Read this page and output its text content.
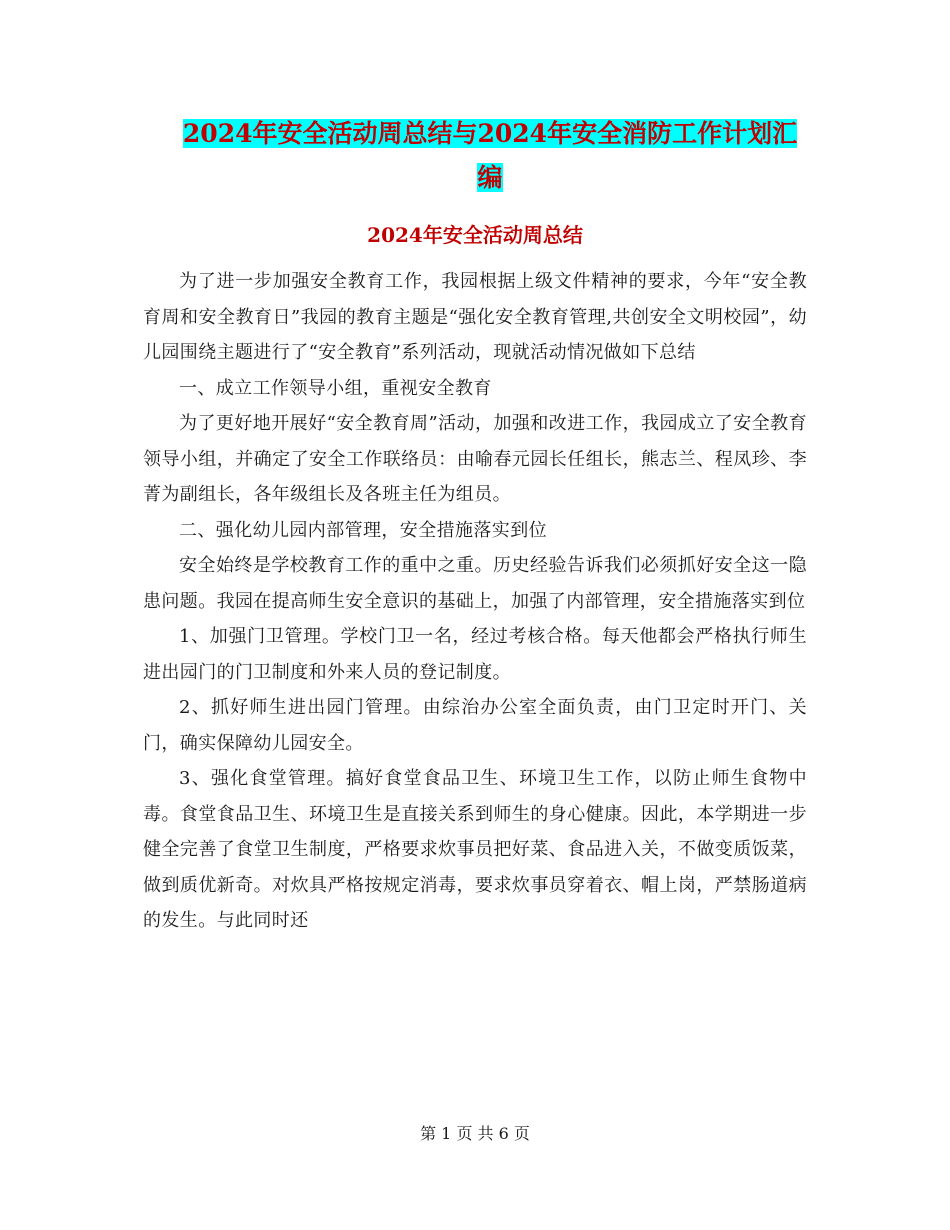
2024年安全活动周总结与2024年安全消防工作计划汇
编
2024年安全活动周总结

为了进一步加强安全教育工作，我园根据上级文件精神的要求，今年“安全教育周和安全教育日”我园的教育主题是“强化安全教育管理,共创安全文明校园”，幼儿园围绕主题进行了“安全教育”系列活动，现就活动情况做如下总结

一、成立工作领导小组，重视安全教育

为了更好地开展好“安全教育周”活动，加强和改进工作，我园成立了安全教育领导小组，并确定了安全工作联络员：由喻春元园长任组长，熊志兰、程凤珍、李菁为副组长，各年级组长及各班主任为组员。

二、强化幼儿园内部管理，安全措施落实到位

安全始终是学校教育工作的重中之重。历史经验告诉我们必须抓好安全这一隐患问题。我园在提高师生安全意识的基础上，加强了内部管理，安全措施落实到位

1、加强门卫管理。学校门卫一名，经过考核合格。每天他都会严格执行师生进出园门的门卫制度和外来人员的登记制度。

2、抓好师生进出园门管理。由综治办公室全面负责，由门卫定时开门、关门，确实保障幼儿园安全。

3、强化食堂管理。搞好食堂食品卫生、环境卫生工作，以防止师生食物中毒。食堂食品卫生、环境卫生是直接关系到师生的身心健康。因此，本学期进一步健全完善了食堂卫生制度，严格要求炊事员把好菜、食品进入关，不做变质饭菜，做到质优新奇。对炊具严格按规定消毒，要求炊事员穿着衣、帽上岗，严禁肠道病的发生。与此同时还

第 1 页 共 6 页
